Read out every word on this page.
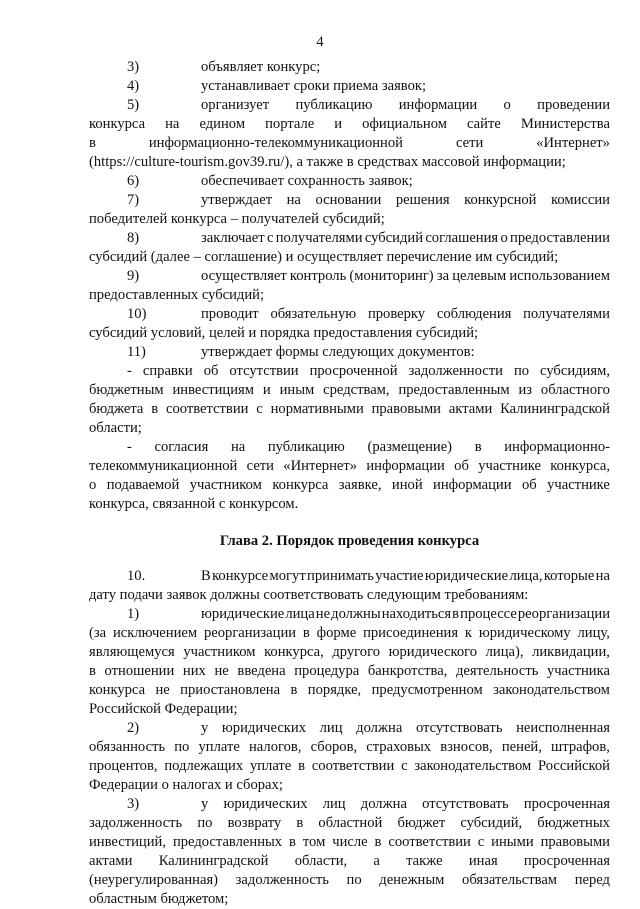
4
3)	объявляет конкурс;
4)	устанавливает сроки приема заявок;
5)	организует публикацию информации о проведении
конкурса на едином портале и официальном сайте Министерства
в	информационно-телекоммуникационной	сети	«Интернет»
(https://culture-tourism.gov39.ru/), а также в средствах массовой информации;
6)	обеспечивает сохранность заявок;
7)	утверждает на основании решения конкурсной комиссии
победителей конкурса – получателей субсидий;
8)	заключает с получателями субсидий соглашения о предоставлении
субсидий (далее – соглашение) и осуществляет перечисление им субсидий;
9)	осуществляет контроль (мониторинг) за целевым использованием
предоставленных субсидий;
10)	проводит обязательную проверку соблюдения получателями
субсидий условий, целей и порядка предоставления субсидий;
11)	утверждает формы следующих документов:
- справки об отсутствии просроченной задолженности по субсидиям,
бюджетным инвестициям и иным средствам, предоставленным из областного
бюджета в соответствии с нормативными правовыми актами Калининградской
области;
- согласия на публикацию (размещение) в информационно-
телекоммуникационной сети «Интернет» информации об участнике конкурса,
о подаваемой участником конкурса заявке, иной информации об участнике
конкурса, связанной с конкурсом.
Глава 2. Порядок проведения конкурса
10.	В конкурсе могут принимать участие юридические лица, которые на
дату подачи заявок должны соответствовать следующим требованиям:
1)	юридические лица не должны находиться в процессе реорганизации
(за исключением реорганизации в форме присоединения к юридическому лицу,
являющемуся участником конкурса, другого юридического лица), ликвидации,
в отношении них не введена процедура банкротства, деятельность участника
конкурса не приостановлена в порядке, предусмотренном законодательством
Российской Федерации;
2)	у юридических лиц должна отсутствовать неисполненная
обязанность по уплате налогов, сборов, страховых взносов, пеней, штрафов,
процентов, подлежащих уплате в соответствии с законодательством Российской
Федерации о налогах и сборах;
3)	у юридических лиц должна отсутствовать просроченная
задолженность по возврату в областной бюджет субсидий, бюджетных
инвестиций, предоставленных в том числе в соответствии с иными правовыми
актами Калининградской области, а также иная просроченная
(неурегулированная) задолженность по денежным обязательствам перед
областным бюджетом;
